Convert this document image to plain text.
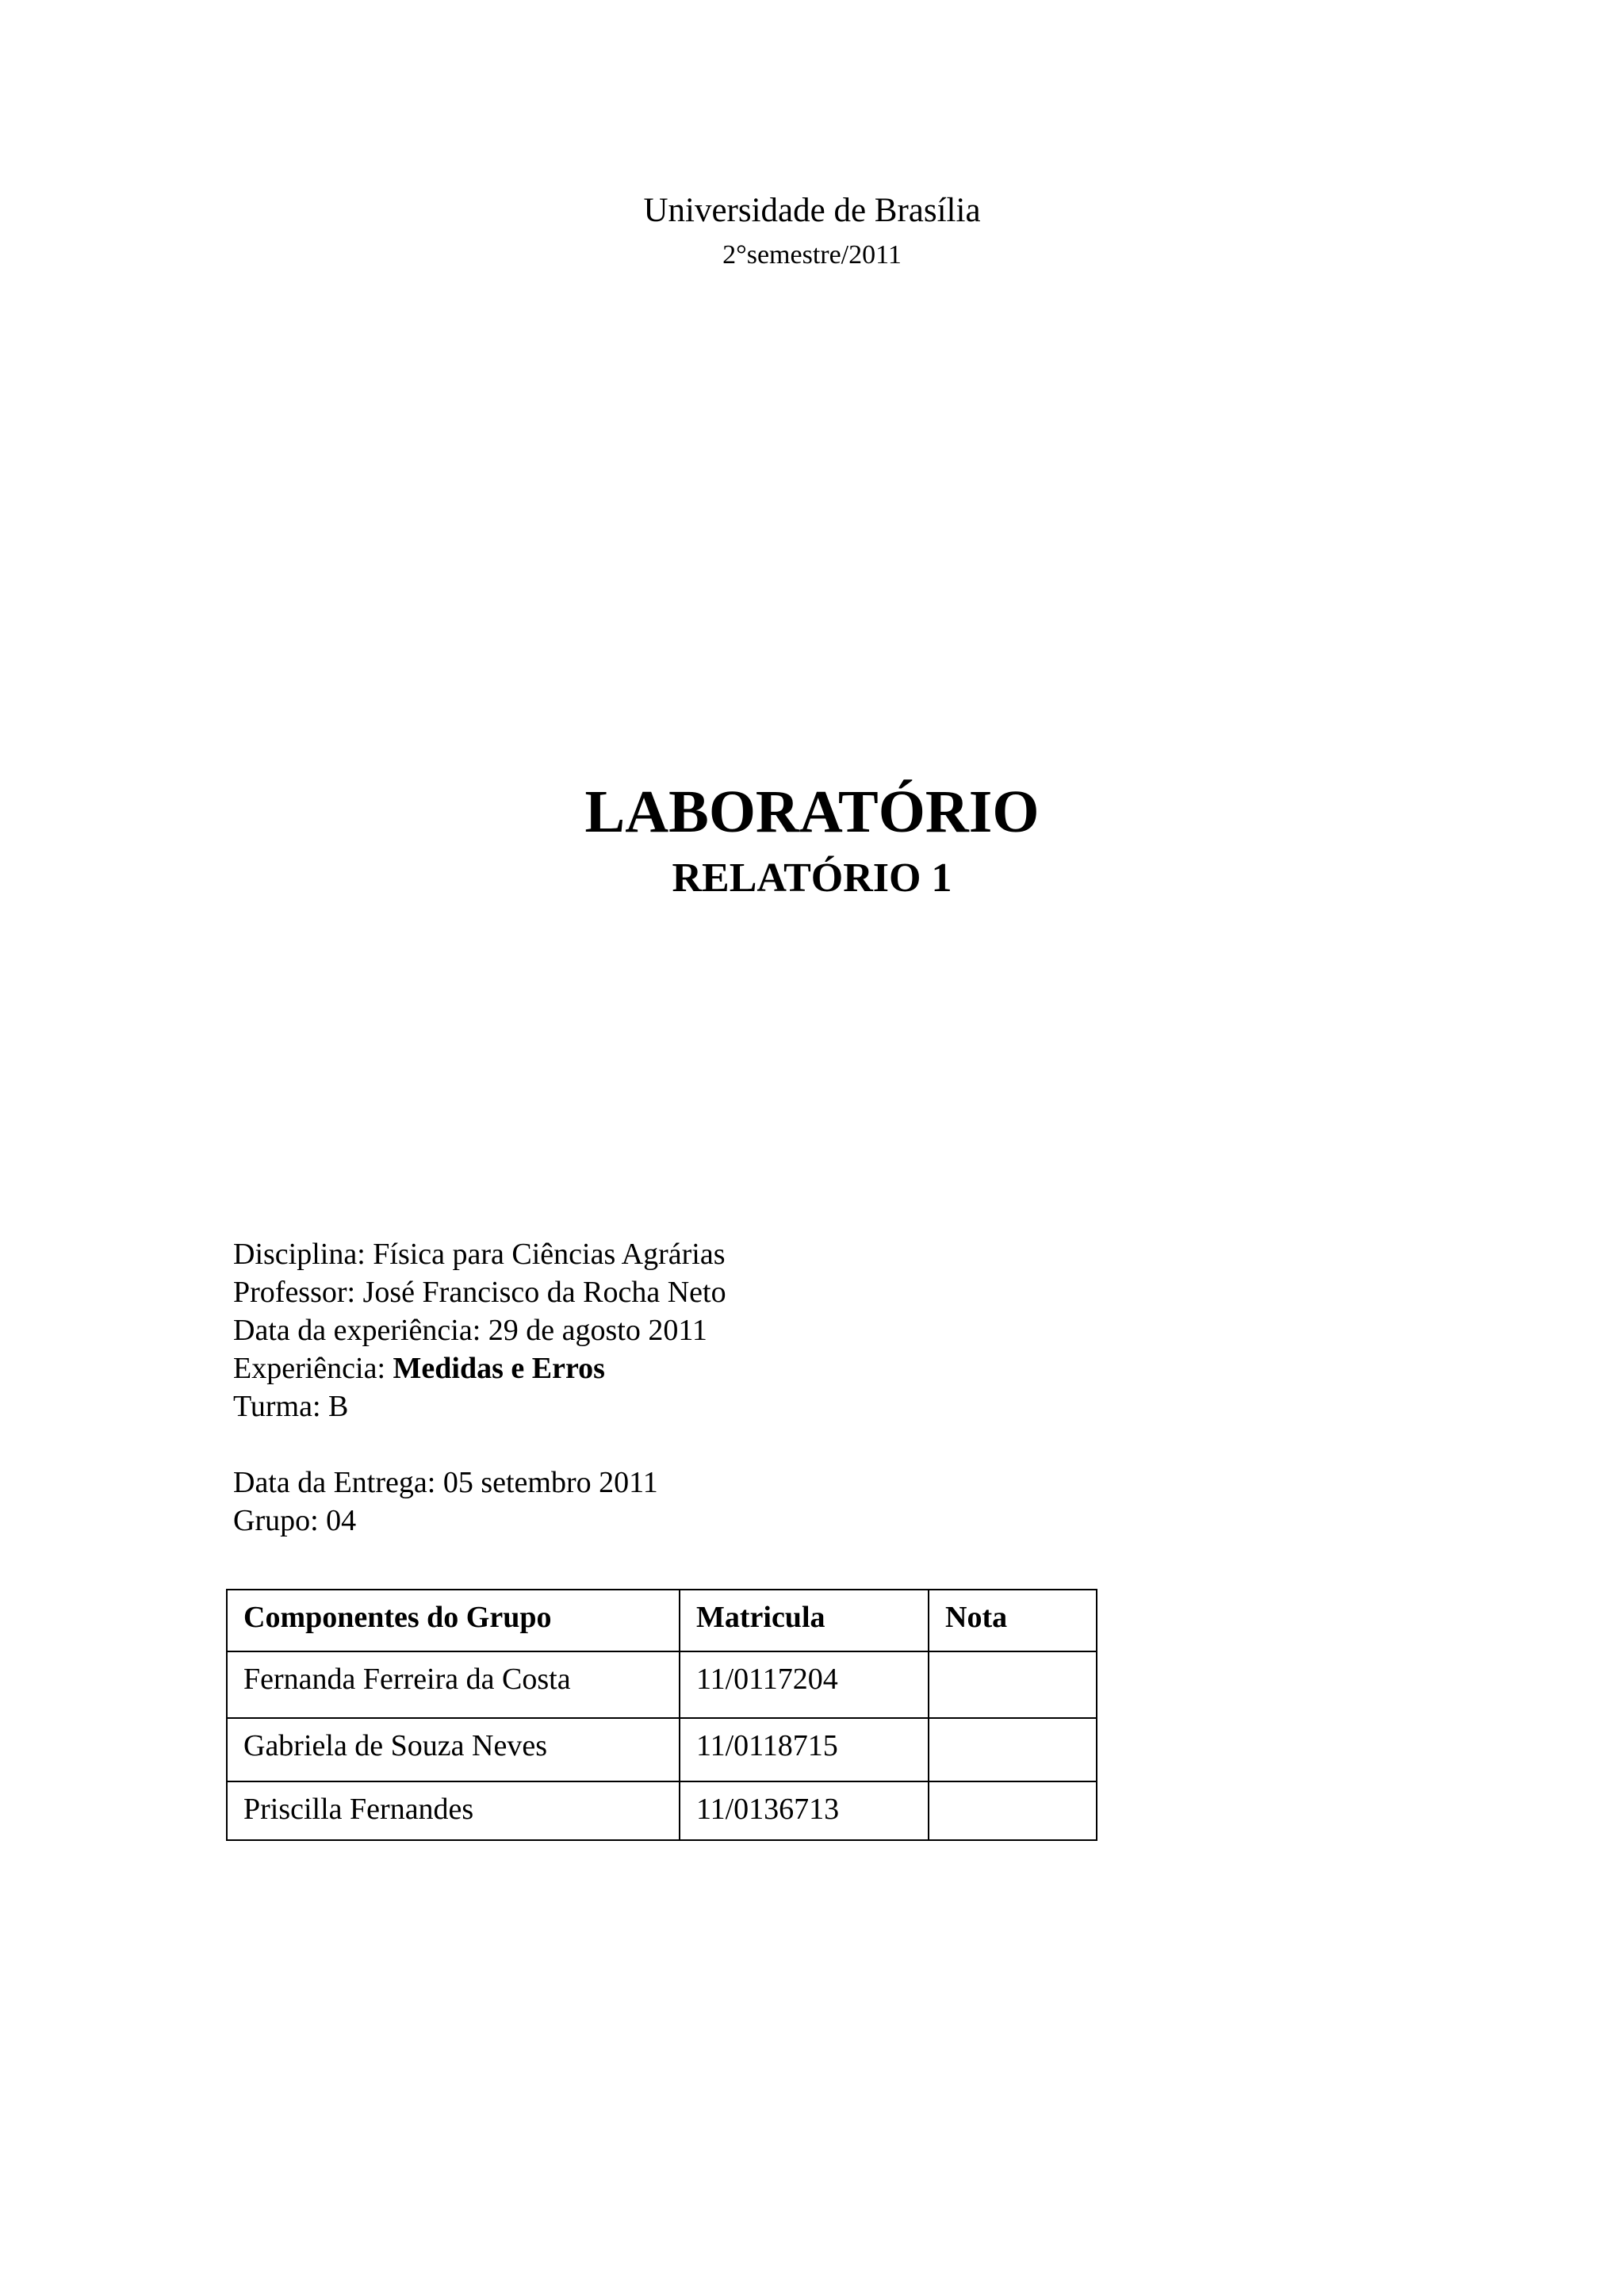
Universidade de Brasília
2°semestre/2011
LABORATÓRIO
RELATÓRIO 1
Disciplina: Física para Ciências Agrárias
Professor: José Francisco da Rocha Neto
Data da experiência: 29 de agosto 2011
Experiência: Medidas e Erros
Turma: B
Data da Entrega: 05 setembro 2011
Grupo: 04
Componentes do Grupo	Matricula	Nota
Fernanda Ferreira da Costa	11/0117204	
Gabriela de Souza Neves	11/0118715	
Priscilla Fernandes	11/0136713	
